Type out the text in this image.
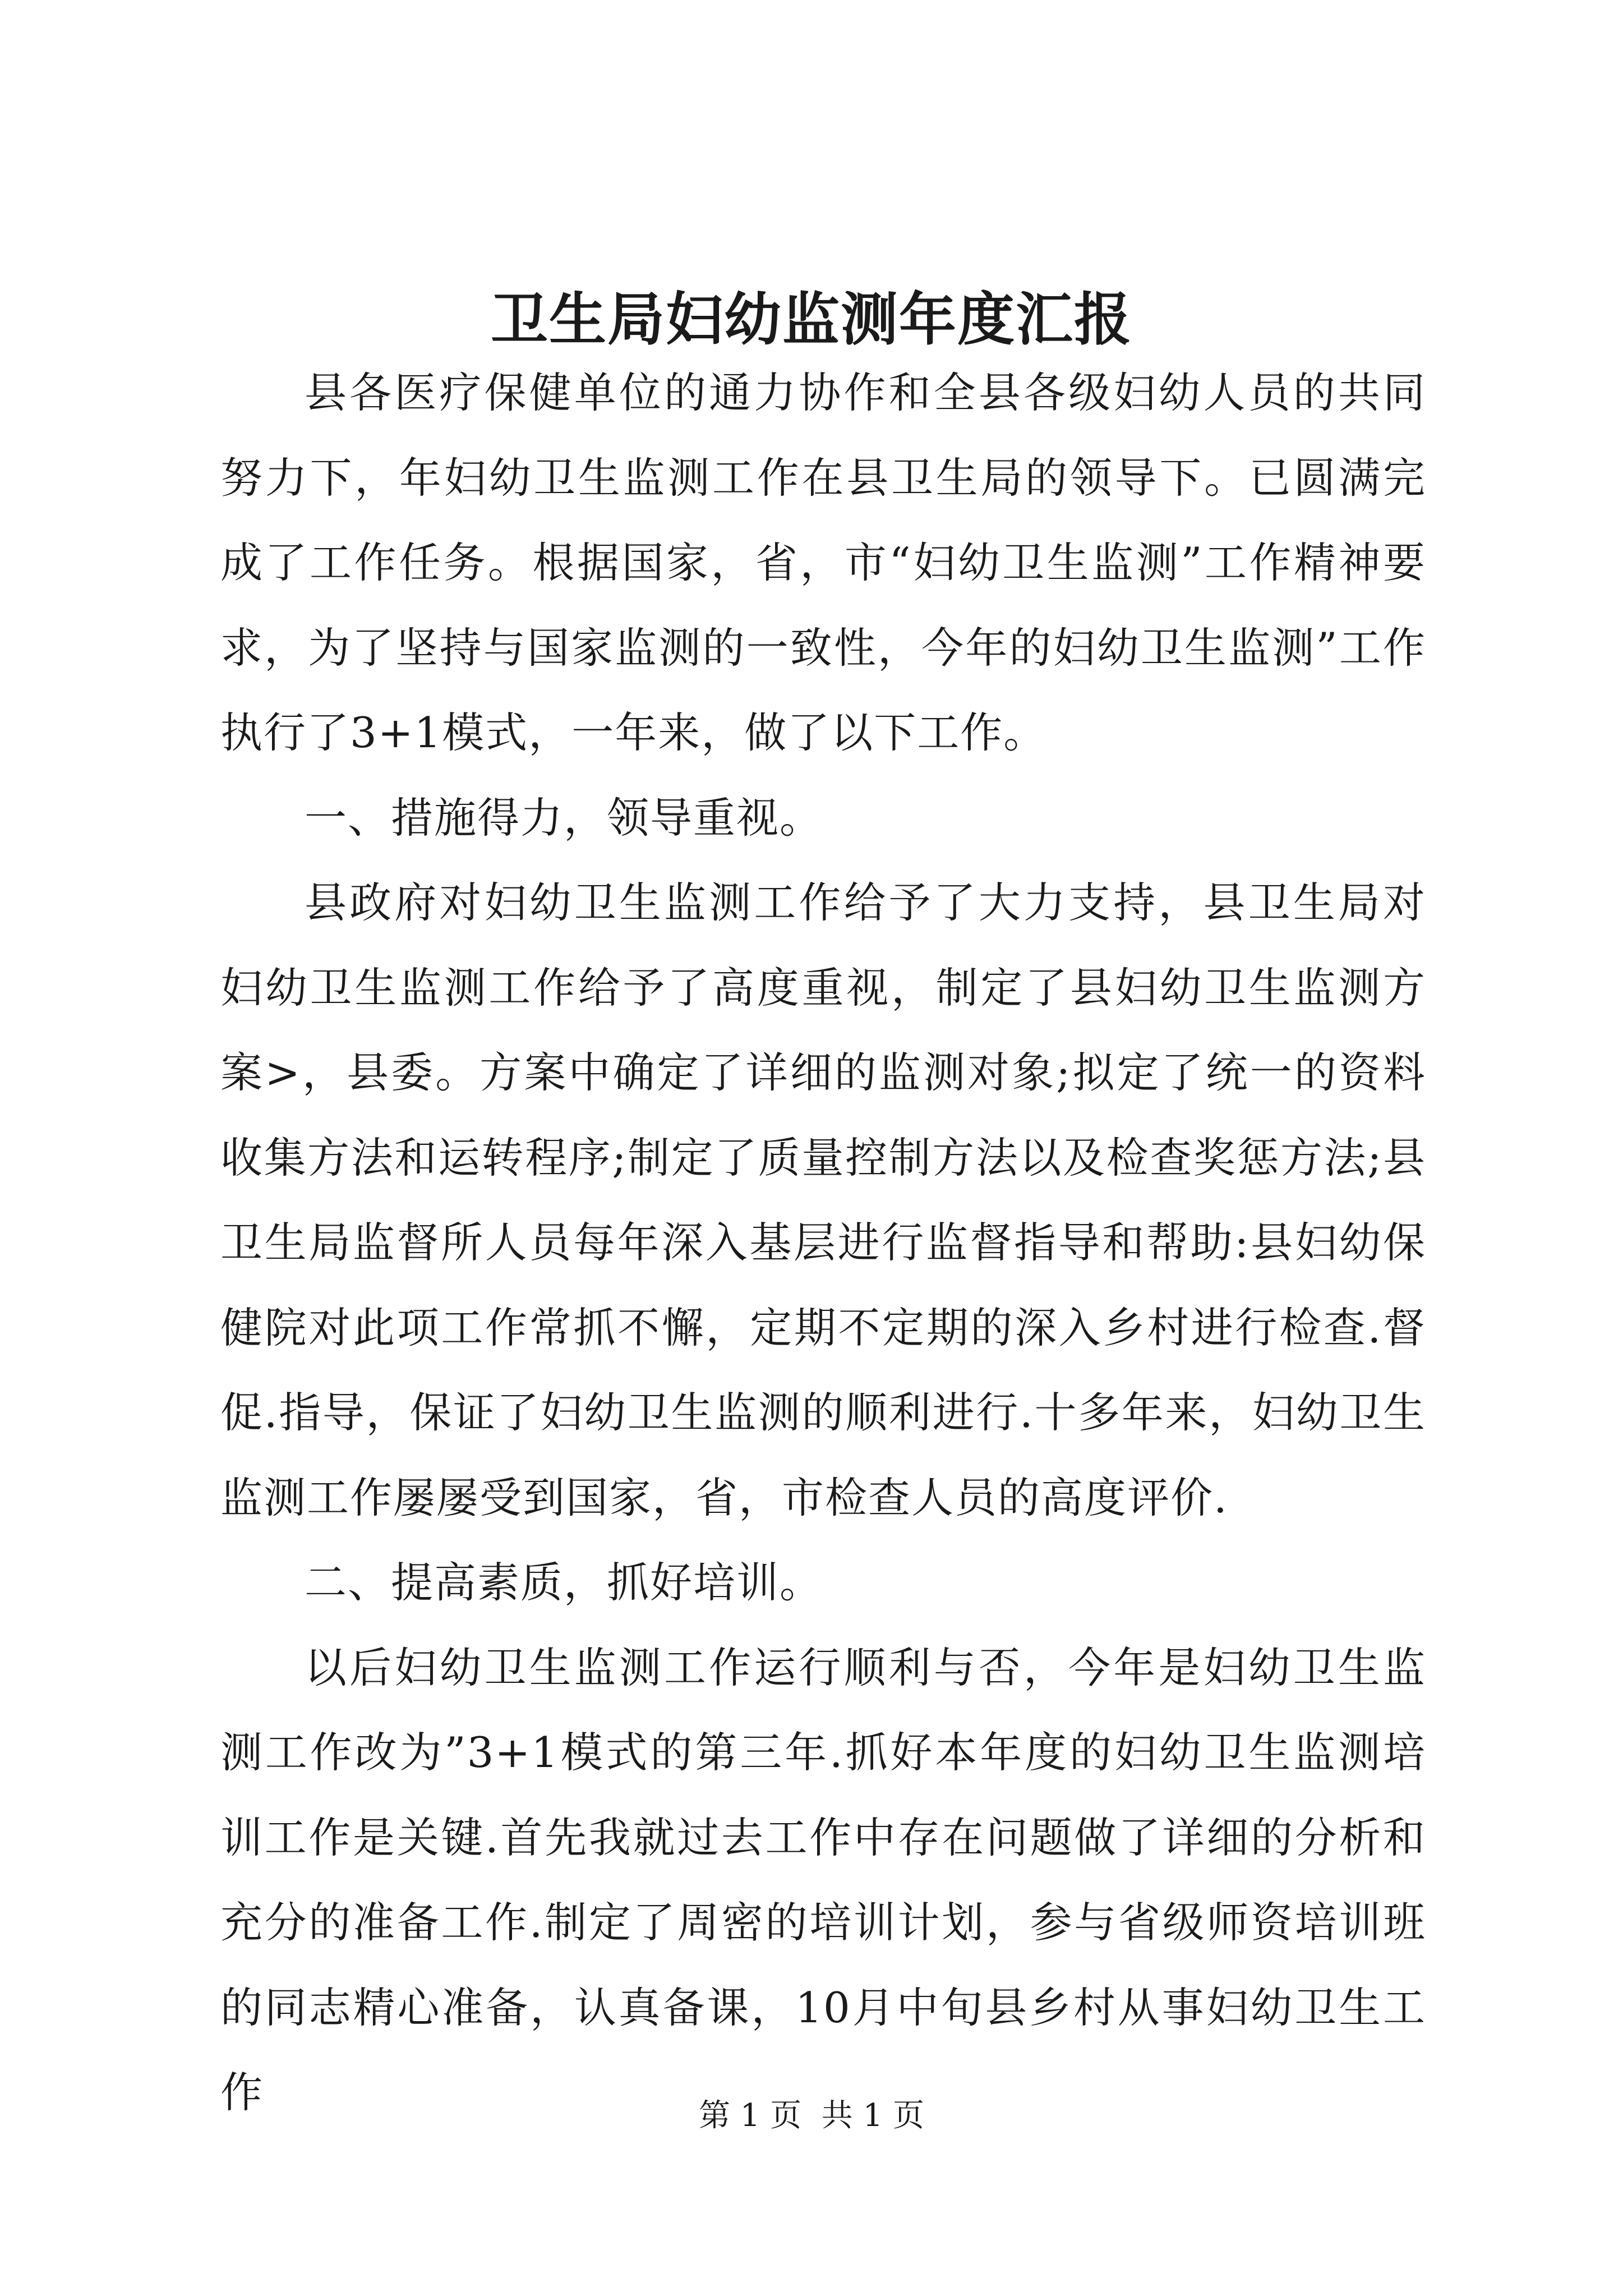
卫生局妇幼监测年度汇报

县各医疗保健单位的通力协作和全县各级妇幼人员的共同努力下，年妇幼卫生监测工作在县卫生局的领导下。已圆满完成了工作任务。根据国家，省，市“妇幼卫生监测”工作精神要求，为了坚持与国家监测的一致性，今年的妇幼卫生监测”工作执行了3+1模式，一年来，做了以下工作。

一、措施得力，领导重视。

县政府对妇幼卫生监测工作给予了大力支持，县卫生局对妇幼卫生监测工作给予了高度重视，制定了县妇幼卫生监测方案>，县委。方案中确定了详细的监测对象;拟定了统一的资料收集方法和运转程序;制定了质量控制方法以及检查奖惩方法;县卫生局监督所人员每年深入基层进行监督指导和帮助:县妇幼保健院对此项工作常抓不懈，定期不定期的深入乡村进行检查.督促.指导，保证了妇幼卫生监测的顺利进行.十多年来，妇幼卫生监测工作屡屡受到国家，省，市检查人员的高度评价.

二、提高素质，抓好培训。

以后妇幼卫生监测工作运行顺利与否，今年是妇幼卫生监测工作改为”3+1模式的第三年.抓好本年度的妇幼卫生监测培训工作是关键.首先我就过去工作中存在问题做了详细的分析和充分的准备工作.制定了周密的培训计划，参与省级师资培训班的同志精心准备，认真备课，10月中旬县乡村从事妇幼卫生工作	第 1 页  共 1 页
